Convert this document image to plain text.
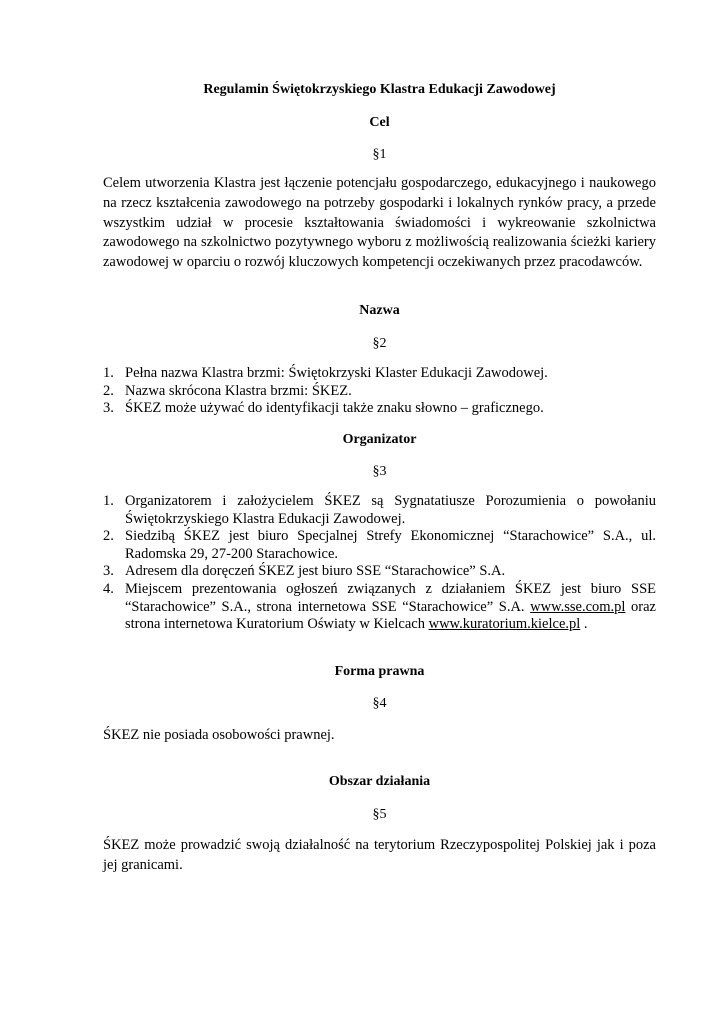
Regulamin Świętokrzyskiego Klastra Edukacji Zawodowej

Cel

§1

Celem utworzenia Klastra jest łączenie potencjału gospodarczego, edukacyjnego i naukowego na rzecz kształcenia zawodowego na potrzeby gospodarki i lokalnych rynków pracy, a przede wszystkim udział w procesie kształtowania świadomości i wykreowanie szkolnictwa zawodowego na szkolnictwo pozytywnego wyboru z możliwością realizowania ścieżki kariery zawodowej w oparciu o rozwój kluczowych kompetencji oczekiwanych przez pracodawców.

Nazwa

§2

1. Pełna nazwa Klastra brzmi: Świętokrzyski Klaster Edukacji Zawodowej.
2. Nazwa skrócona Klastra brzmi: ŚKEZ.
3. ŚKEZ może używać do identyfikacji także znaku słowno – graficznego.

Organizator

§3

1. Organizatorem i założycielem ŚKEZ są Sygnatatiusze Porozumienia o powołaniu Świętokrzyskiego Klastra Edukacji Zawodowej.
2. Siedzibą ŚKEZ jest biuro Specjalnej Strefy Ekonomicznej “Starachowice” S.A., ul. Radomska 29, 27-200 Starachowice.
3. Adresem dla doręczeń ŚKEZ jest biuro SSE “Starachowice” S.A.
4. Miejscem prezentowania ogłoszeń związanych z działaniem ŚKEZ jest biuro SSE “Starachowice” S.A., strona internetowa SSE “Starachowice” S.A. www.sse.com.pl oraz strona internetowa Kuratorium Oświaty w Kielcach www.kuratorium.kielce.pl .

Forma prawna

§4

ŚKEZ nie posiada osobowości prawnej.

Obszar działania

§5

ŚKEZ może prowadzić swoją działalność na terytorium Rzeczypospolitej Polskiej jak i poza jej granicami.
